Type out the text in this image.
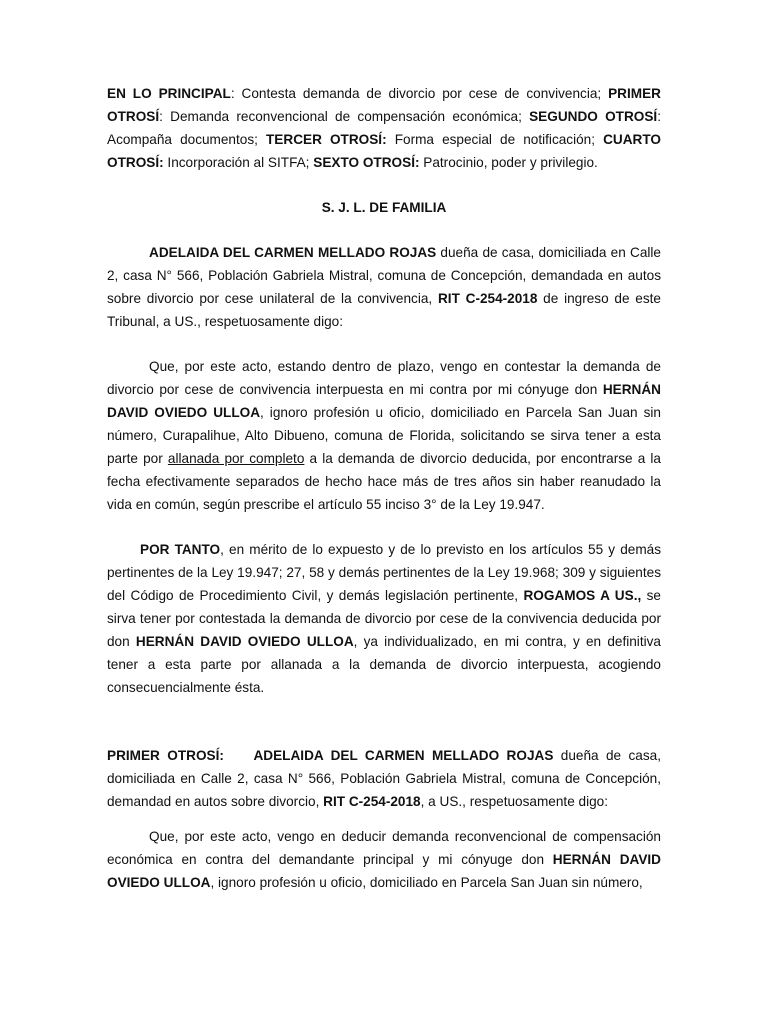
EN LO PRINCIPAL: Contesta demanda de divorcio por cese de convivencia; PRIMER OTROSÍ: Demanda reconvencional de compensación económica; SEGUNDO OTROSÍ: Acompaña documentos; TERCER OTROSÍ: Forma especial de notificación; CUARTO OTROSÍ: Incorporación al SITFA; SEXTO OTROSÍ: Patrocinio, poder y privilegio.

S. J. L. DE FAMILIA

ADELAIDA DEL CARMEN MELLADO ROJAS dueña de casa, domiciliada en Calle 2, casa N° 566, Población Gabriela Mistral, comuna de Concepción, demandada en autos sobre divorcio por cese unilateral de la convivencia, RIT C-254-2018 de ingreso de este Tribunal, a US., respetuosamente digo:

Que, por este acto, estando dentro de plazo, vengo en contestar la demanda de divorcio por cese de convivencia interpuesta en mi contra por mi cónyuge don HERNÁN DAVID OVIEDO ULLOA, ignoro profesión u oficio, domiciliado en Parcela San Juan sin número, Curapalihue, Alto Dibueno, comuna de Florida, solicitando se sirva tener a esta parte por allanada por completo a la demanda de divorcio deducida, por encontrarse a la fecha efectivamente separados de hecho hace más de tres años sin haber reanudado la vida en común, según prescribe el artículo 55 inciso 3° de la Ley 19.947.

POR TANTO, en mérito de lo expuesto y de lo previsto en los artículos 55 y demás pertinentes de la Ley 19.947; 27, 58 y demás pertinentes de la Ley 19.968; 309 y siguientes del Código de Procedimiento Civil, y demás legislación pertinente, ROGAMOS A US., se sirva tener por contestada la demanda de divorcio por cese de la convivencia deducida por don HERNÁN DAVID OVIEDO ULLOA, ya individualizado, en mi contra, y en definitiva tener a esta parte por allanada a la demanda de divorcio interpuesta, acogiendo consecuencialmente ésta.

PRIMER OTROSÍ: ADELAIDA DEL CARMEN MELLADO ROJAS dueña de casa, domiciliada en Calle 2, casa N° 566, Población Gabriela Mistral, comuna de Concepción, demandad en autos sobre divorcio, RIT C-254-2018, a US., respetuosamente digo:

Que, por este acto, vengo en deducir demanda reconvencional de compensación económica en contra del demandante principal y mi cónyuge don HERNÁN DAVID OVIEDO ULLOA, ignoro profesión u oficio, domiciliado en Parcela San Juan sin número,
